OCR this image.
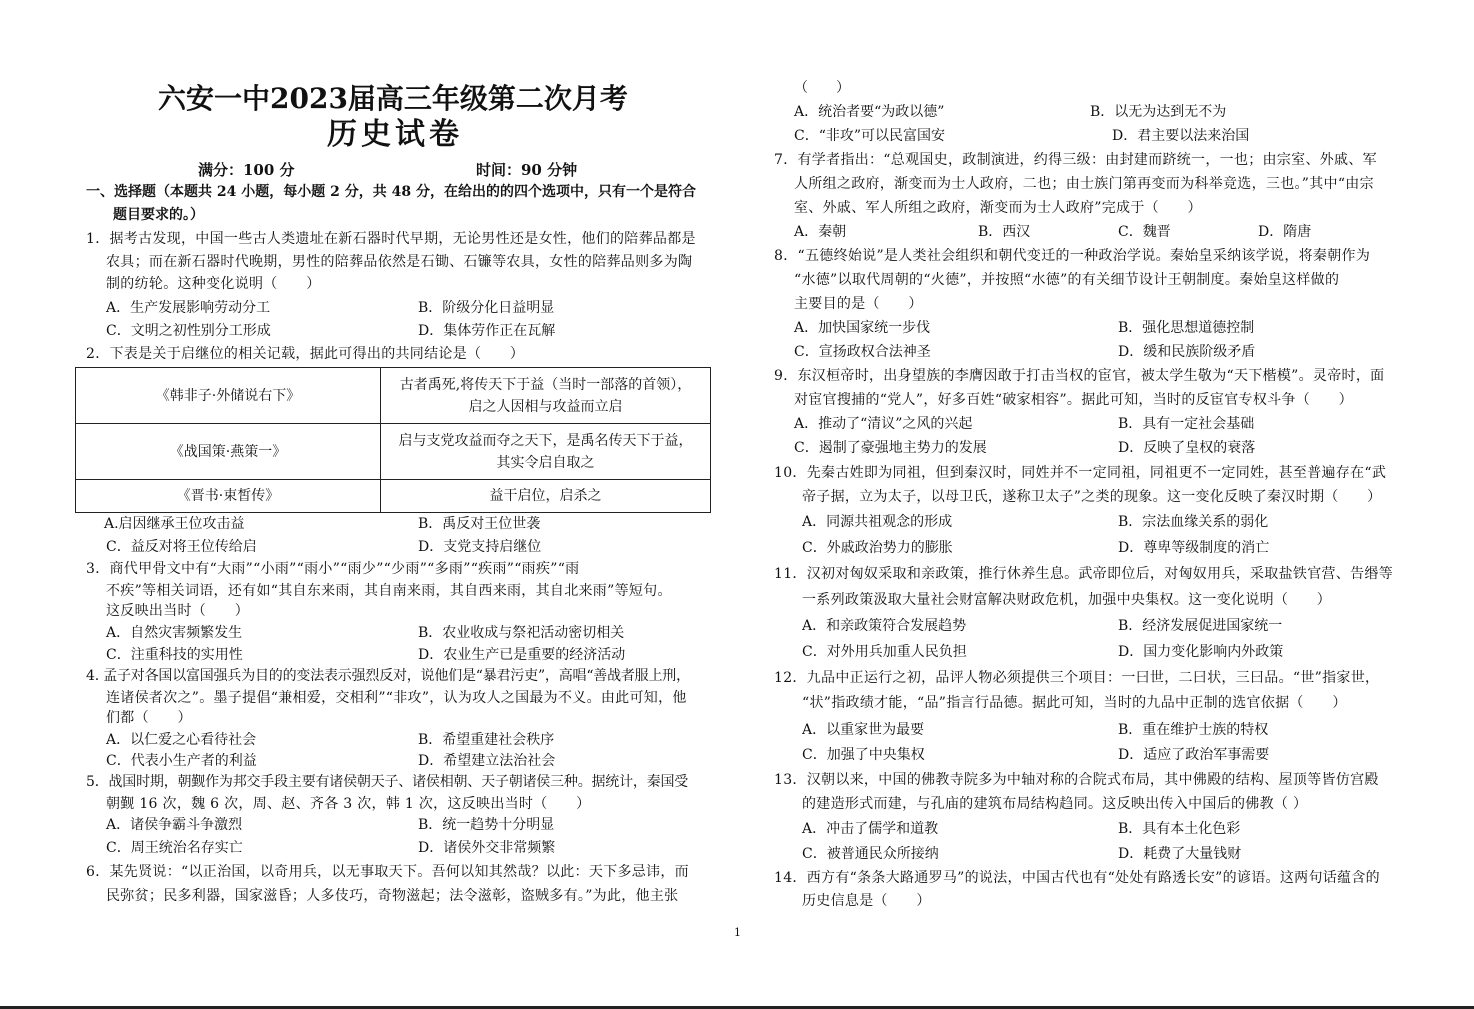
六安一中2023届高三年级第二次月考
历史试卷
满分：100 分	时间：90 分钟
一、选择题（本题共 24 小题，每小题 2 分，共 48 分，在给出的的四个选项中，只有一个是符合
题目要求的。）
1．据考古发现，中国一些古人类遗址在新石器时代早期，无论男性还是女性，他们的陪葬品都是
农具；而在新石器时代晚期，男性的陪葬品依然是石锄、石镰等农具，女性的陪葬品则多为陶
制的纺轮。这种变化说明（　　）
A．生产发展影响劳动分工	B．阶级分化日益明显
C．文明之初性别分工形成	D．集体劳作正在瓦解
2．下表是关于启继位的相关记载，据此可得出的共同结论是（　　）
《韩非子·外储说右下》	古者禹死,将传天下于益（当时一部落的首领），
启之人因相与攻益而立启

《战国策·燕策一》	启与支党攻益而夺之天下，是禹名传天下于益，
其实令启自取之

《晋书·束皙传》	益干启位，启杀之
A.启因继承王位攻击益	B．禹反对王位世袭
C．益反对将王位传给启	D．支党支持启继位
3．商代甲骨文中有“大雨”“小雨”“雨小”“雨少”“少雨”“多雨”“疾雨”“雨疾”“雨
不疾”等相关词语，还有如“其自东来雨，其自南来雨，其自西来雨，其自北来雨”等短句。
这反映出当时（　　）
A．自然灾害频繁发生	B．农业收成与祭祀活动密切相关
C．注重科技的实用性	D．农业生产已是重要的经济活动
4. 孟子对各国以富国强兵为目的的变法表示强烈反对，说他们是“暴君污吏”，高唱“善战者服上刑，
连诸侯者次之”。墨子提倡“兼相爱，交相利”“非攻”，认为攻人之国最为不义。由此可知，他
们都（　　）
A．以仁爱之心看待社会	B．希望重建社会秩序
C．代表小生产者的利益	D．希望建立法治社会
5．战国时期，朝觐作为邦交手段主要有诸侯朝天子、诸侯相朝、天子朝诸侯三种。据统计，秦国受
朝觐 16 次，魏 6 次，周、赵、齐各 3 次，韩 1 次，这反映出当时（　　）
A．诸侯争霸斗争激烈	B．统一趋势十分明显
C．周王统治名存实亡	D．诸侯外交非常频繁
6．某先贤说：“以正治国，以奇用兵，以无事取天下。吾何以知其然哉？以此：天下多忌讳，而
民弥贫；民多利器，国家滋昏；人多伎巧，奇物滋起；法令滋彰，盗贼多有。”为此，他主张
（　　）
A．统治者要“为政以德”	B．以无为达到无不为
C．“非攻”可以民富国安	D．君主要以法来治国
7．有学者指出：“总观国史，政制演进，约得三级：由封建而跻统一，一也；由宗室、外戚、军
人所组之政府，渐变而为士人政府，二也；由士族门第再变而为科举竞选，三也。”其中“由宗
室、外戚、军人所组之政府，渐变而为士人政府”完成于（　　）
A．秦朝	B．西汉	C．魏晋	D．隋唐
8．“五德终始说”是人类社会组织和朝代变迁的一种政治学说。秦始皇采纳该学说，将秦朝作为
“水德”以取代周朝的“火德”，并按照“水德”的有关细节设计王朝制度。秦始皇这样做的
主要目的是（　　）
A．加快国家统一步伐	B．强化思想道德控制
C．宣扬政权合法神圣	D．缓和民族阶级矛盾
9．东汉桓帝时，出身望族的李膺因敢于打击当权的宦官，被太学生敬为“天下楷模”。灵帝时，面
对宦官搜捕的“党人”，好多百姓“破家相容”。据此可知，当时的反宦官专权斗争（　　）
A．推动了“清议”之风的兴起	B．具有一定社会基础
C．遏制了豪强地主势力的发展	D．反映了皇权的衰落
10．先秦古姓即为同祖，但到秦汉时，同姓并不一定同祖，同祖更不一定同姓，甚至普遍存在“武
帝子据，立为太子，以母卫氏，遂称卫太子”之类的现象。这一变化反映了秦汉时期（　　）
A．同源共祖观念的形成	B．宗法血缘关系的弱化
C．外戚政治势力的膨胀	D．尊卑等级制度的消亡
11．汉初对匈奴采取和亲政策，推行休养生息。武帝即位后，对匈奴用兵，采取盐铁官营、告缗等
一系列政策汲取大量社会财富解决财政危机，加强中央集权。这一变化说明（　　）
A．和亲政策符合发展趋势	B．经济发展促进国家统一
C．对外用兵加重人民负担	D．国力变化影响内外政策
12．九品中正运行之初，品评人物必须提供三个项目：一曰世，二曰状，三曰品。“世”指家世，
“状”指政绩才能，“品”指言行品德。据此可知，当时的九品中正制的选官依据（　　）
A．以重家世为最要	B．重在维护士族的特权
C．加强了中央集权	D．适应了政治军事需要
13．汉朝以来，中国的佛教寺院多为中轴对称的合院式布局，其中佛殿的结构、屋顶等皆仿宫殿
的建造形式而建，与孔庙的建筑布局结构趋同。这反映出传入中国后的佛教（ ）
A．冲击了儒学和道教	B．具有本土化色彩
C．被普通民众所接纳	D．耗费了大量钱财
14．西方有“条条大路通罗马”的说法，中国古代也有“处处有路透长安”的谚语。这两句话蕴含的
历史信息是（　　）
1
